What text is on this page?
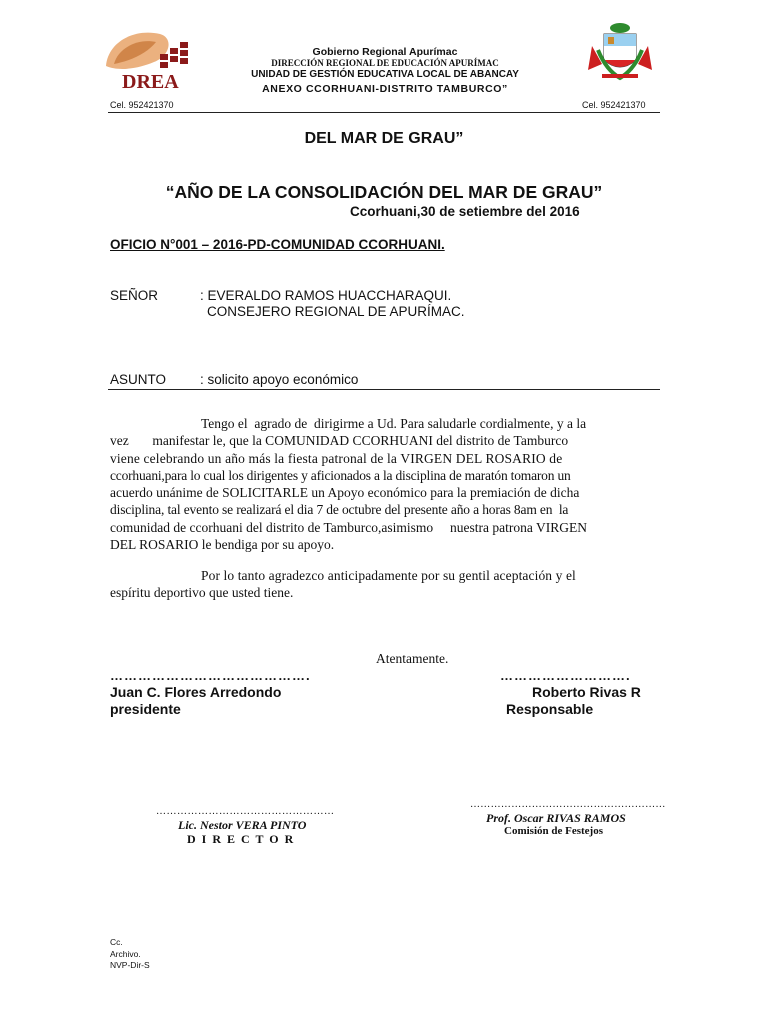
DREA
Gobierno Regional Apurímac
DIRECCIÓN REGIONAL DE EDUCACIÓN APURÍMAC
UNIDAD DE GESTIÓN EDUCATIVA LOCAL DE ABANCAY
ANEXO CCORHUANI-DISTRITO TAMBURCO”
Cel. 952421370	Cel. 952421370
DEL MAR DE GRAU”
“AÑO DE LA CONSOLIDACIÓN DEL MAR DE GRAU”
Ccorhuani,30 de setiembre del 2016
OFICIO N°001 – 2016-PD-COMUNIDAD CCORHUANI.
SEÑOR	: EVERALDO RAMOS HUACCHARAQUI.
CONSEJERO REGIONAL DE APURÍMAC.
ASUNTO	: solicito apoyo económico
Tengo el  agrado de  dirigirme a Ud. Para saludarle cordialmente, y a la
vez       manifestar le, que la COMUNIDAD CCORHUANI del distrito de Tamburco
viene celebrando un año más la fiesta patronal de la VIRGEN DEL ROSARIO de
ccorhuani,para lo cual los dirigentes y aficionados a la disciplina de maratón tomaron un
acuerdo unánime de SOLICITARLE un Apoyo económico para la premiación de dicha
disciplina, tal evento se realizará el dia 7 de octubre del presente año a horas 8am en  la
comunidad de ccorhuani del distrito de Tamburco,asimismo     nuestra patrona VIRGEN
DEL ROSARIO le bendiga por su apoyo.
Por lo tanto agradezco anticipadamente por su gentil aceptación y el
espíritu deportivo que usted tiene.
Atentamente.
…………………………………….
Juan C. Flores Arredondo
presidente
……………………….
Roberto Rivas R
Responsable
……………………………………………
Lic. Nestor VERA PINTO
D I R E C T O R
…………………………………………………
Prof. Oscar RIVAS RAMOS
Comisión de Festejos
Cc.
Archivo.
NVP-Dir-S
